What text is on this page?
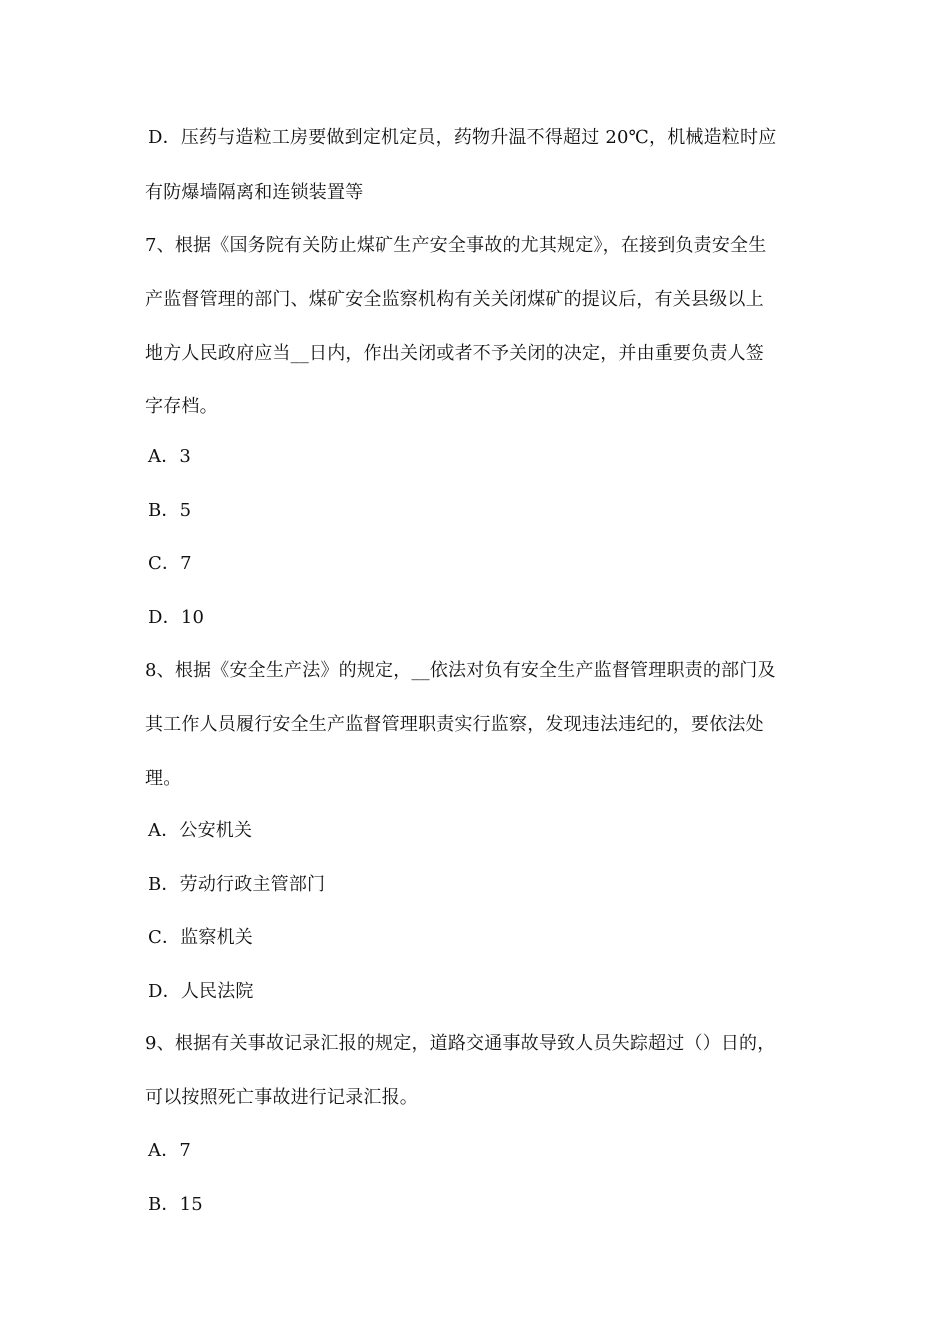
D．压药与造粒工房要做到定机定员，药物升温不得超过 20℃，机械造粒时应
有防爆墙隔离和连锁装置等
7、根据《国务院有关防止煤矿生产安全事故的尤其规定》，在接到负责安全生
产监督管理的部门、煤矿安全监察机构有关关闭煤矿的提议后，有关县级以上
地方人民政府应当__日内，作出关闭或者不予关闭的决定，并由重要负责人签
字存档。
A．3
B．5
C．7
D．10
8、根据《安全生产法》的规定，__依法对负有安全生产监督管理职责的部门及
其工作人员履行安全生产监督管理职责实行监察，发现违法违纪的，要依法处
理。
A．公安机关
B．劳动行政主管部门
C．监察机关
D．人民法院
9、根据有关事故记录汇报的规定，道路交通事故导致人员失踪超过（）日的，
可以按照死亡事故进行记录汇报。
A．7
B．15
